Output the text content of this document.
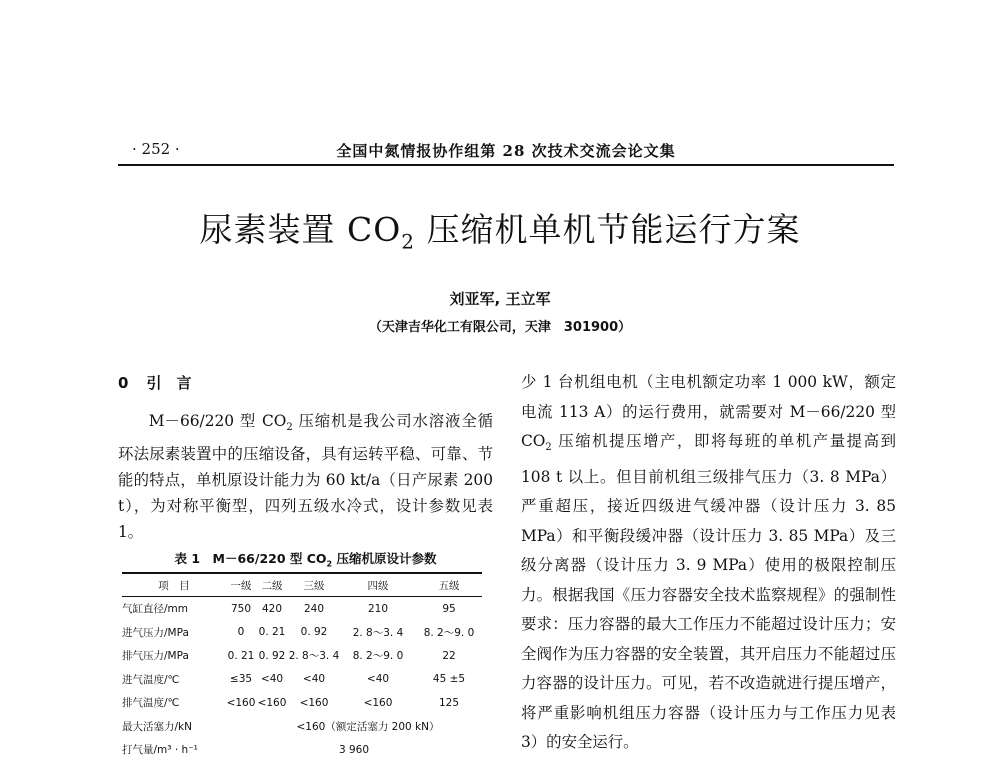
· 252 ·	全国中氮情报协作组第 28 次技术交流会论文集
尿素装置 $CO_2$ 压缩机单机节能运行方案
刘亚军, 王立军
（天津吉华化工有限公司，天津　301900）
0 引　言
M－66/220 型 $CO_2$ 压缩机是我公司水溶液全循环法尿素装置中的压缩设备，具有运转平稳、可靠、节能的特点，单机原设计能力为 60 kt/a（日产尿素 200 t），为对称平衡型，四列五级水冷式，设计参数见表 1。
表 1　M－66/220 型 $CO_2$ 压缩机原设计参数
项　目	一级	二级	三级	四级	五级
气缸直径/mm	750	420	240	210	95
进气压力/MPa	0	0. 21	0. 92	2. 8～3. 4	8. 2～9. 0
排气压力/MPa	0. 21	0. 92	2. 8～3. 4	8. 2～9. 0	22
进气温度/℃	≤35	<40	<40	<40	45 ±5
排气温度/℃	<160	<160	<160	<160	125
最大活塞力/kN	<160（额定活塞力 200 kN）				
打气量/m³ · h⁻¹	3 960				
少 1 台机组电机（主电机额定功率 1 000 kW，额定电流 113 A）的运行费用，就需要对 M－66/220 型 $CO_2$ 压缩机提压增产，即将每班的单机产量提高到 108 t 以上。但目前机组三级排气压力（3. 8 MPa）严重超压，接近四级进气缓冲器（设计压力 3. 85 MPa）和平衡段缓冲器（设计压力 3. 85 MPa）及三级分离器（设计压力 3. 9 MPa）使用的极限控制压力。根据我国《压力容器安全技术监察规程》的强制性要求：压力容器的最大工作压力不能超过设计压力；安全阀作为压力容器的安全装置，其开启压力不能超过压力容器的设计压力。可见，若不改造就进行提压增产，将严重影响机组压力容器（设计压力与工作压力见表 3）的安全运行。
